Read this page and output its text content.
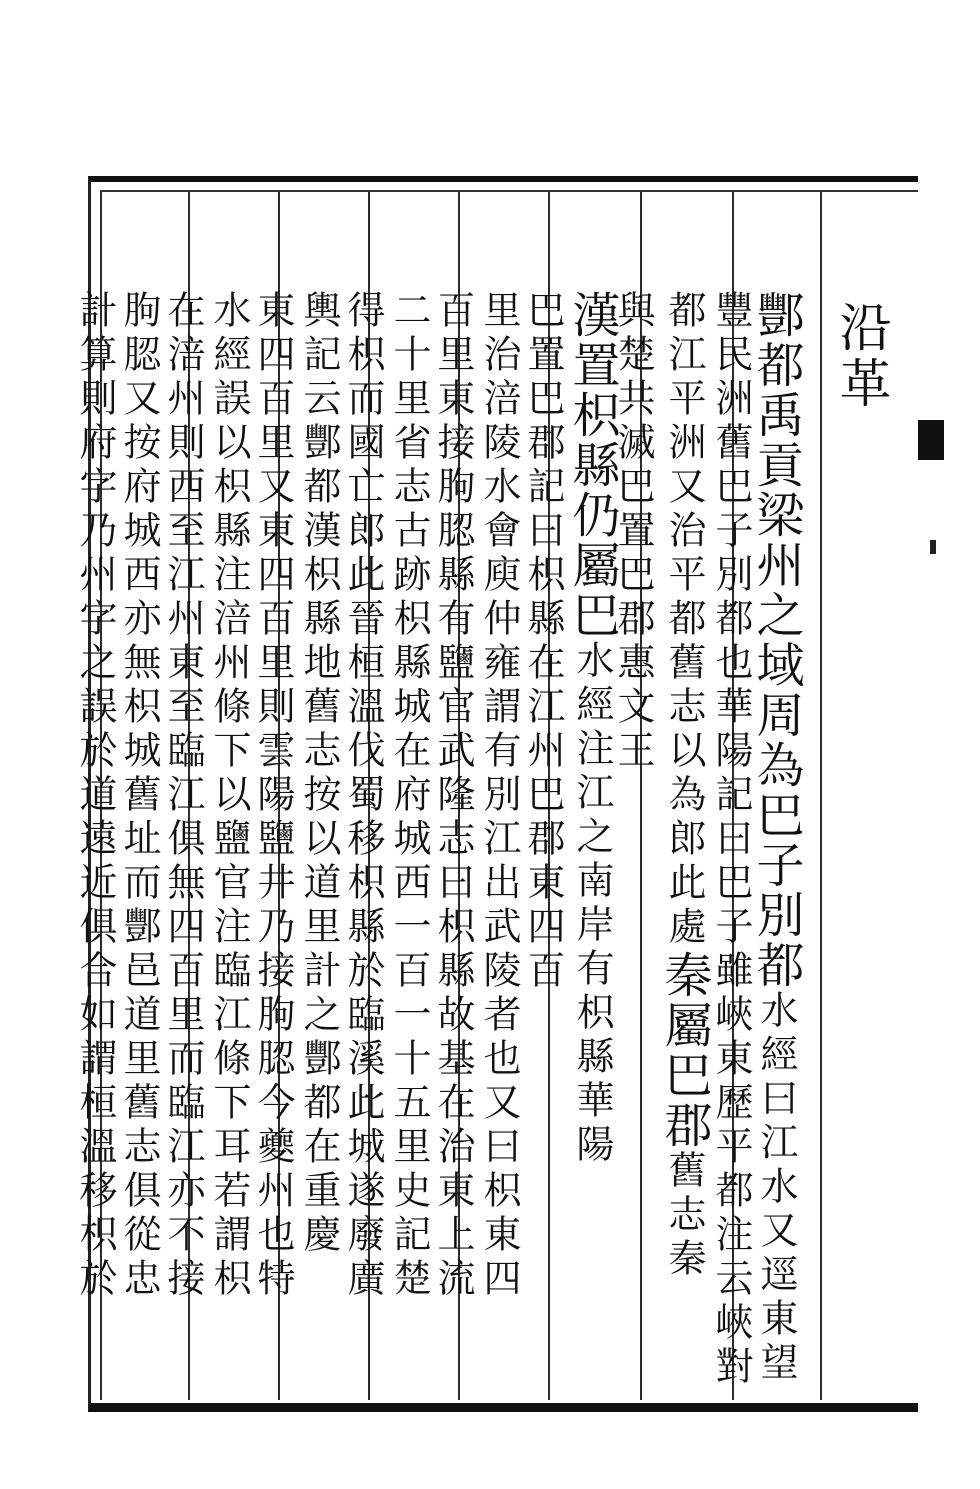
沿革
酆都禹貢梁州之域周為巴子別都水經曰江水又逕東望
豐民洲舊巴子別都也華陽記曰巴子雖峽東歷平都注云峽對
都江平洲又治平都舊志以為郎此處秦屬巴郡舊志秦
與楚共滅巴置巴郡惠文王
漢置枳縣仍屬巴水經注江之南岸有枳縣華陽
巴置巴郡記曰枳縣在江州巴郡東四百
里治涪陵水會庾仲雍謂有別江出武陵者也又曰枳東四
百里東接朐䏰縣有鹽官武隆志曰枳縣故基在治東上流
二十里省志古跡枳縣城在府城西一百一十五里史記楚
得枳而國亡郎此晉桓溫伐蜀移枳縣於臨溪此城遂廢廣
輿記云酆都漢枳縣地舊志按以道里計之酆都在重慶
東四百里又東四百里則雲陽鹽井乃接朐䏰今夔州也特
水經誤以枳縣注涪州條下以鹽官注臨江條下耳若謂枳
在涪州則西至江州東至臨江俱無四百里而臨江亦不接
朐䏰又按府城西亦無枳城舊址而酆邑道里舊志俱從忠
計算則府字乃州字之誤於道遠近俱合如謂桓溫移枳於
